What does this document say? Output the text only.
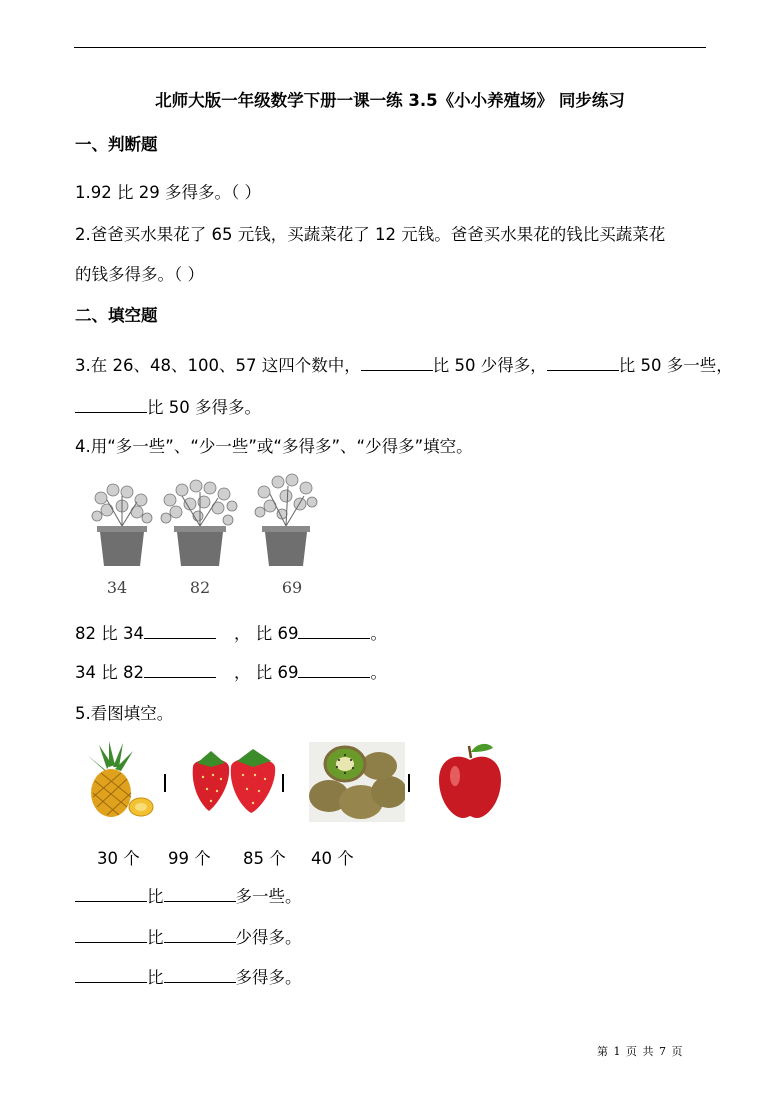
北师大版一年级数学下册一课一练 3.5《小小养殖场》 同步练习
一、判断题
1.92 比 29 多得多。（ ）
2.爸爸买水果花了 65 元钱，买蔬菜花了 12 元钱。爸爸买水果花的钱比买蔬菜花
的钱多得多。（ ）
二、填空题
3.在 26、48、100、57 这四个数中，	比 50 少得多，	比 50 多一些，
比 50 多得多。
4.用“多一些”、“少一些”或“多得多”、“少得多”填空。
34	82	69
82 比 34	， 比 69	。
34 比 82	， 比 69	。
5.看图填空。
30 个 99 个 85 个 40 个
比	多一些。
比	少得多。
比	多得多。
第 1 页 共 7 页
